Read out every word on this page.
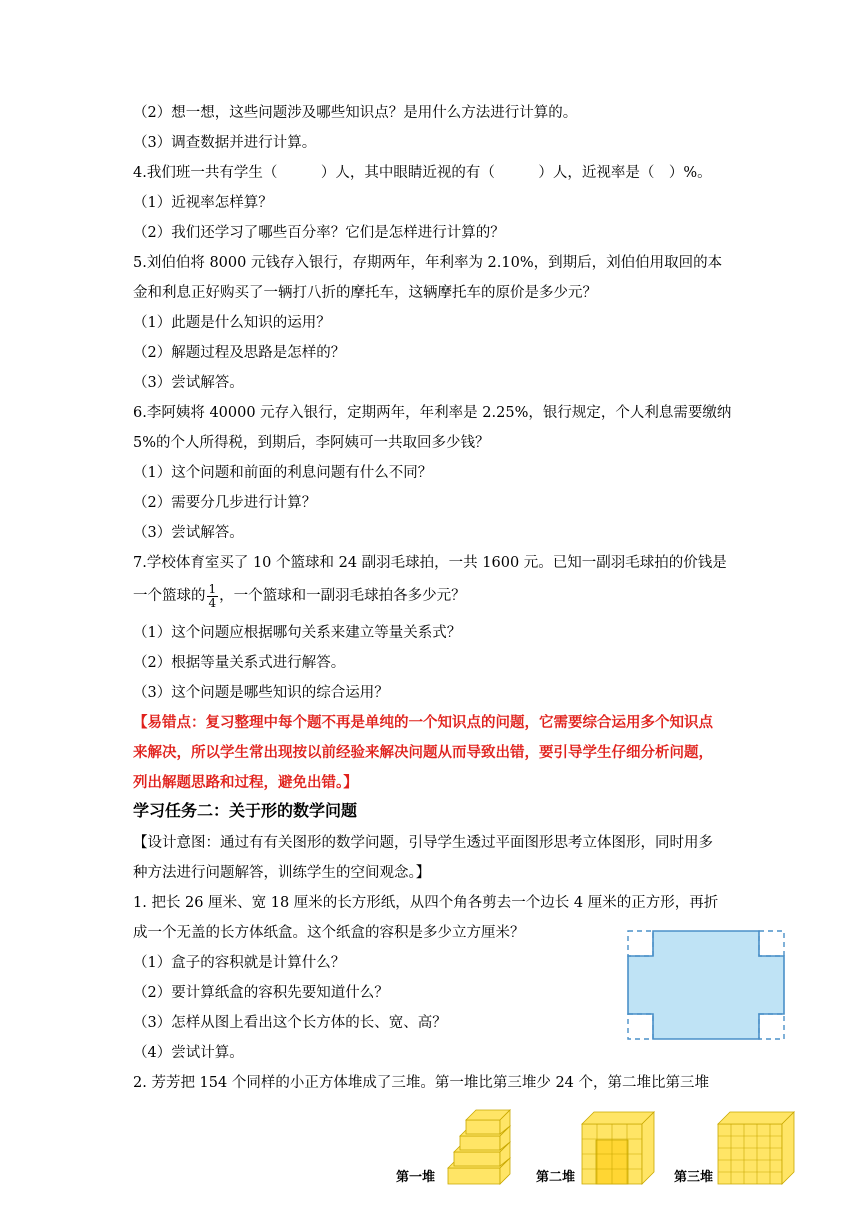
（2）想一想，这些问题涉及哪些知识点？是用什么方法进行计算的。
（3）调查数据并进行计算。
4.我们班一共有学生（　　　）人，其中眼睛近视的有（　　　）人，近视率是（　）%。
（1）近视率怎样算？
（2）我们还学习了哪些百分率？它们是怎样进行计算的？
5.刘伯伯将 8000 元钱存入银行，存期两年，年利率为 2.10%，到期后，刘伯伯用取回的本
金和利息正好购买了一辆打八折的摩托车，这辆摩托车的原价是多少元？
（1）此题是什么知识的运用？
（2）解题过程及思路是怎样的？
（3）尝试解答。
6.李阿姨将 40000 元存入银行，定期两年，年利率是 2.25%，银行规定，个人利息需要缴纳
5%的个人所得税，到期后，李阿姨可一共取回多少钱？
（1）这个问题和前面的利息问题有什么不同？
（2）需要分几步进行计算？
（3）尝试解答。
7.学校体育室买了 10 个篮球和 24 副羽毛球拍，一共 1600 元。已知一副羽毛球拍的价钱是
一个篮球的 $\frac{1}{4}$ ，一个篮球和一副羽毛球拍各多少元？
（1）这个问题应根据哪句关系来建立等量关系式？
（2）根据等量关系式进行解答。
（3）这个问题是哪些知识的综合运用？
【易错点：复习整理中每个题不再是单纯的一个知识点的问题，它需要综合运用多个知识点
来解决，所以学生常出现按以前经验来解决问题从而导致出错，要引导学生仔细分析问题，
列出解题思路和过程，避免出错。】
学习任务二：关于形的数学问题
【设计意图：通过有有关图形的数学问题，引导学生透过平面图形思考立体图形，同时用多
种方法进行问题解答，训练学生的空间观念。】
1. 把长 26 厘米、宽 18 厘米的长方形纸，从四个角各剪去一个边长 4 厘米的正方形，再折
成一个无盖的长方体纸盒。这个纸盒的容积是多少立方厘米？
（1）盒子的容积就是计算什么？
（2）要计算纸盒的容积先要知道什么？
（3）怎样从图上看出这个长方体的长、宽、高？
（4）尝试计算。
2. 芳芳把 154 个同样的小正方体堆成了三堆。第一堆比第三堆少 24 个，第二堆比第三堆
第一堆	第二堆	第三堆
